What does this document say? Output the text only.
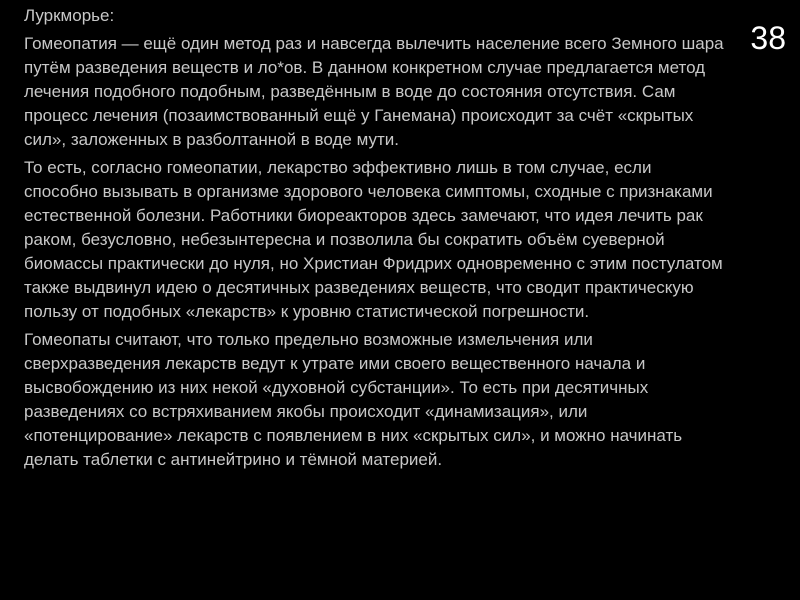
Луркморье:

Гомеопатия — ещё один метод раз и навсегда вылечить население всего Земного шара путём разведения веществ и ло*ов. В данном конкретном случае предлагается метод лечения подобного подобным, разведённым в воде до состояния отсутствия. Сам процесс лечения (позаимствованный ещё у Ганемана) происходит за счёт «скрытых сил», заложенных в разболтанной в воде мути.

То есть, согласно гомеопатии, лекарство эффективно лишь в том случае, если способно вызывать в организме здорового человека симптомы, сходные с признаками естественной болезни. Работники биореакторов здесь замечают, что идея лечить рак раком, безусловно, небезынтересна и позволила бы сократить объём суеверной биомассы практически до нуля, но Христиан Фридрих одновременно с этим постулатом также выдвинул идею о десятичных разведениях веществ, что сводит практическую пользу от подобных «лекарств» к уровню статистической погрешности.

Гомеопаты считают, что только предельно возможные измельчения или сверхразведения лекарств ведут к утрате ими своего вещественного начала и высвобождению из них некой «духовной субстанции». То есть при десятичных разведениях со встряхиванием якобы происходит «динамизация», или «потенцирование» лекарств с появлением в них «скрытых сил», и можно начинать делать таблетки с антинейтрино и тёмной материей.

38
